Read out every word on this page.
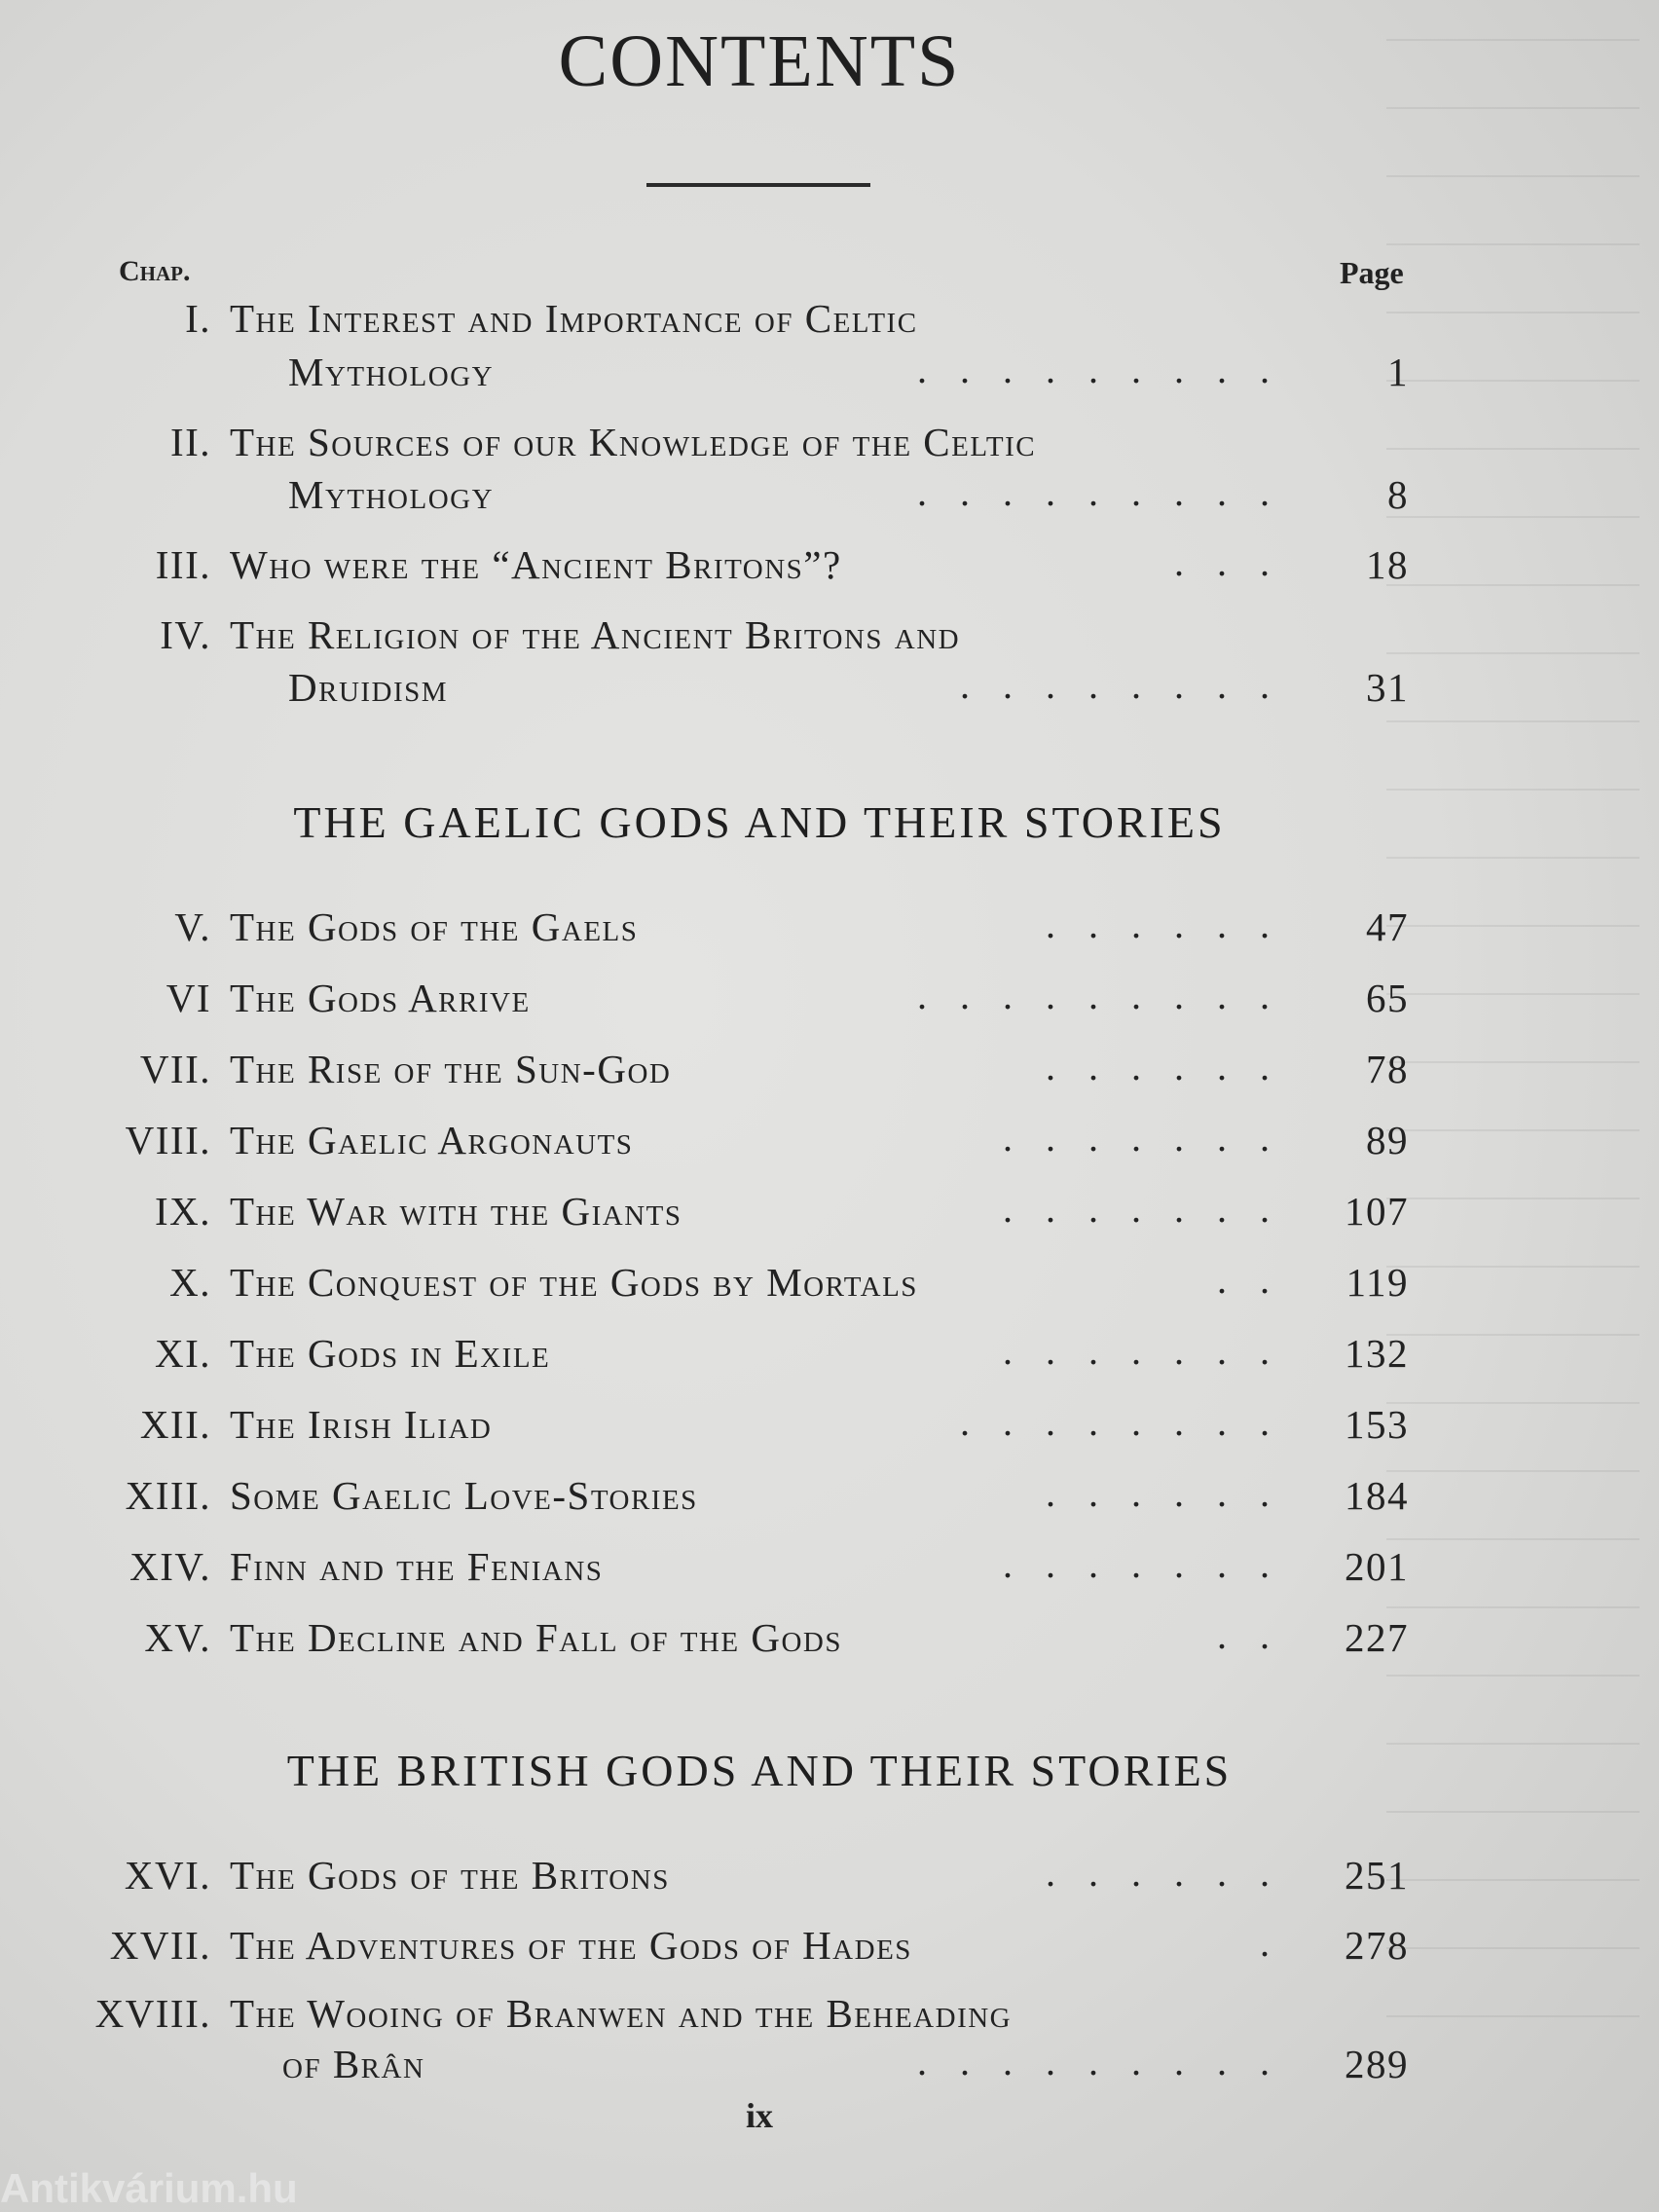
CONTENTS
Chap.	Page
I. The Interest and Importance of Celtic
Mythology	.........	1
II. The Sources of our Knowledge of the Celtic
Mythology	.........	8
III. Who were the “Ancient Britons”?	...	18
IV. The Religion of the Ancient Britons and
Druidism	........	31
THE GAELIC GODS AND THEIR STORIES
V. The Gods of the Gaels	......	47
VI The Gods Arrive	.........	65
VII. The Rise of the Sun-God	......	78
VIII. The Gaelic Argonauts	.......	89
IX. The War with the Giants	.......	107
X. The Conquest of the Gods by Mortals	..	119
XI. The Gods in Exile	.......	132
XII. The Irish Iliad	........	153
XIII. Some Gaelic Love-Stories	......	184
XIV. Finn and the Fenians	.......	201
XV. The Decline and Fall of the Gods	..	227
THE BRITISH GODS AND THEIR STORIES
XVI. The Gods of the Britons	......	251
XVII. The Adventures of the Gods of Hades	.	278
XVIII. The Wooing of Branwen and the Beheading
of Brân	.........	289
ix
Antikvárium.hu
